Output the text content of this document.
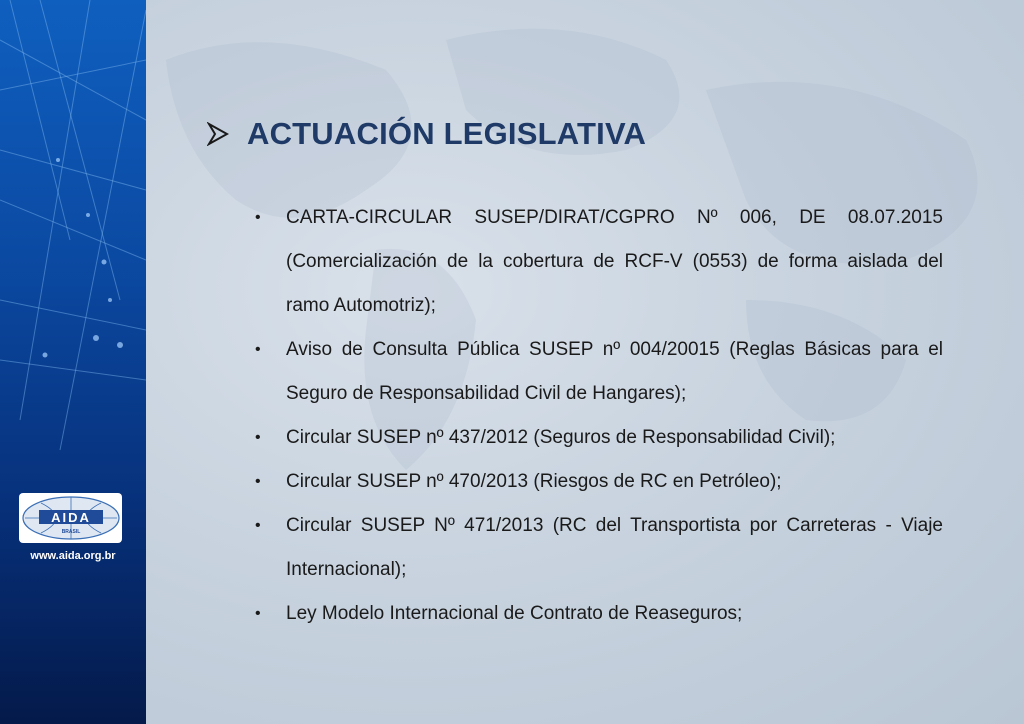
AIDA
BRASIL
www.aida.org.br
ACTUACIÓN LEGISLATIVA
• CARTA-CIRCULAR SUSEP/DIRAT/CGPRO Nº 006, DE 08.07.2015 (Comercialización de la cobertura de RCF-V (0553) de forma aislada del ramo Automotriz);
• Aviso de Consulta Pública SUSEP nº 004/20015 (Reglas Básicas para el Seguro de Responsabilidad Civil de Hangares);
• Circular SUSEP nº 437/2012 (Seguros de Responsabilidad Civil);
• Circular SUSEP nº 470/2013 (Riesgos de RC en Petróleo);
• Circular SUSEP Nº 471/2013 (RC del Transportista por Carreteras - Viaje Internacional);
• Ley Modelo Internacional de Contrato de Reaseguros;
